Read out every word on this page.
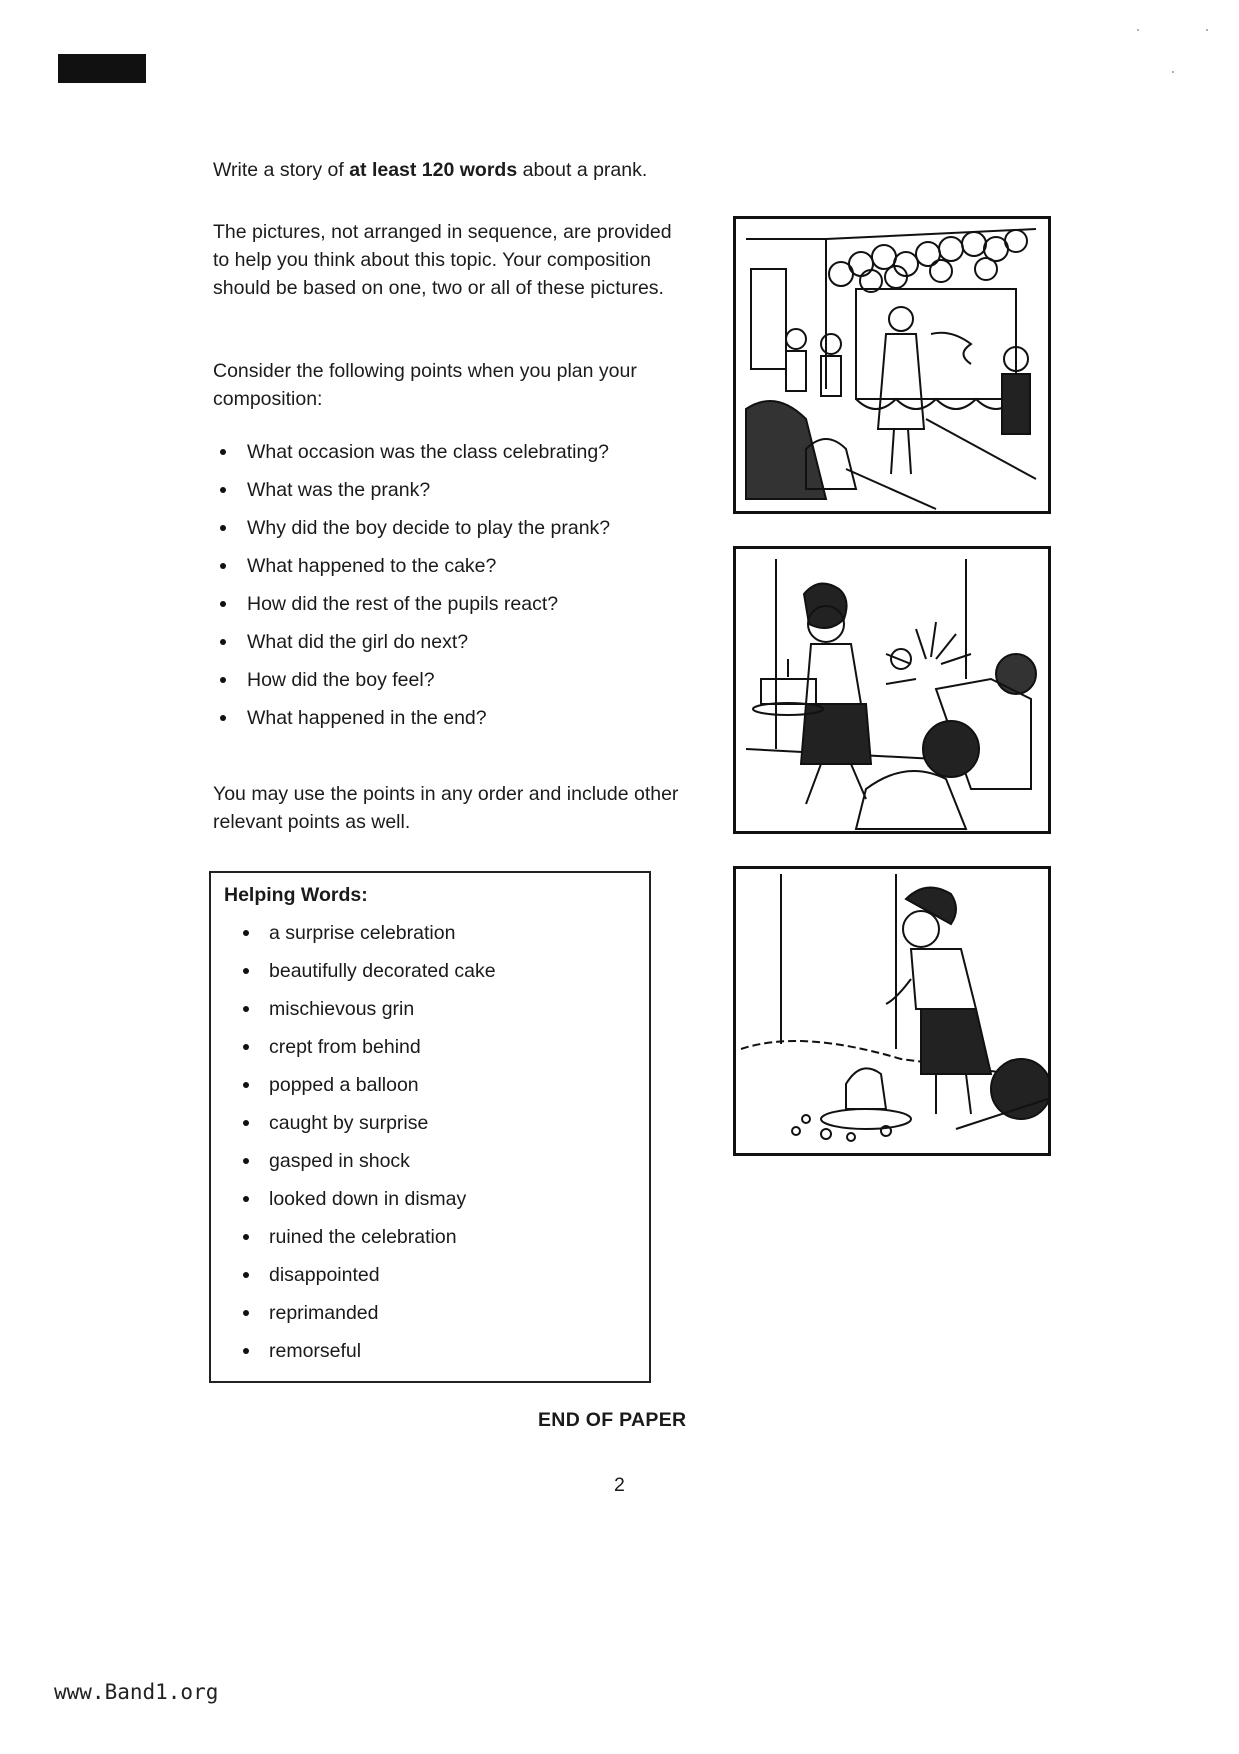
Write a story of at least 120 words about a prank.
The pictures, not arranged in sequence, are provided to help you think about this topic. Your composition should be based on one, two or all of these pictures.
Consider the following points when you plan your composition:
What occasion was the class celebrating?
What was the prank?
Why did the boy decide to play the prank?
What happened to the cake?
How did the rest of the pupils react?
What did the girl do next?
How did the boy feel?
What happened in the end?
You may use the points in any order and include other relevant points as well.
Helping Words:
a surprise celebration
beautifully decorated cake
mischievous grin
crept from behind
popped a balloon
caught by surprise
gasped in shock
looked down in dismay
ruined the celebration
disappointed
reprimanded
remorseful
END OF PAPER
2
www.Band1.org
